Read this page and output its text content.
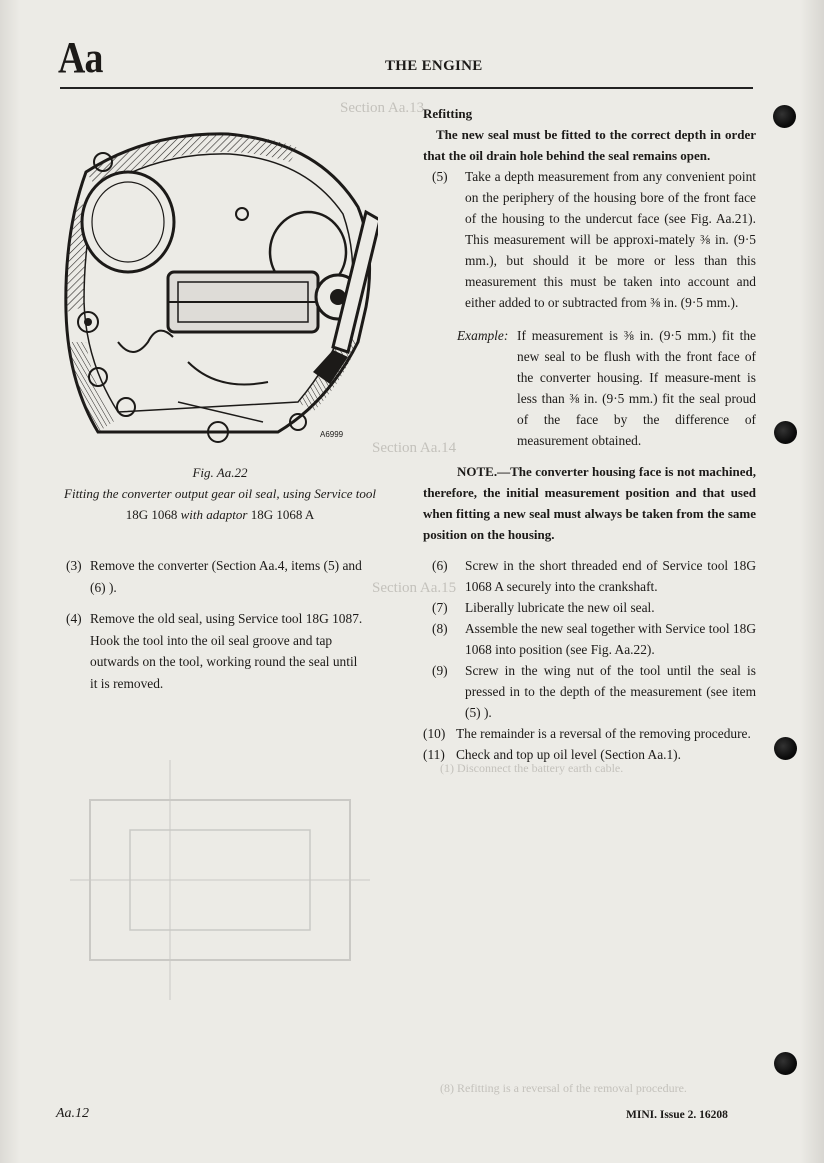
Aa	THE ENGINE
Section Aa.13
Section Aa.14
Section Aa.15
(1) Disconnect the battery earth cable.
(8) Refitting is a reversal of the removal procedure.
A6999
Fig. Aa.22
Fitting the converter output gear oil seal, using Service tool 18G 1068 with adaptor 18G 1068 A
(3) Remove the converter (Section Aa.4, items (5) and (6) ).
(4) Remove the old seal, using Service tool 18G 1087. Hook the tool into the oil seal groove and tap outwards on the tool, working round the seal until it is removed.
Refitting
The new seal must be fitted to the correct depth in order that the oil drain hole behind the seal remains open.
(5)	Take a depth measurement from any convenient point on the periphery of the housing bore of the front face of the housing to the undercut face (see Fig. Aa.21). This measurement will be approxi-mately ⅜ in. (9·5 mm.), but should it be more or less than this measurement this must be taken into account and either added to or subtracted from ⅜ in. (9·5 mm.).
Example: If measurement is ⅜ in. (9·5 mm.) fit the new seal to be flush with the front face of the converter housing. If measure-ment is less than ⅜ in. (9·5 mm.) fit the seal proud of the face by the difference of measurement obtained.
NOTE.—The converter housing face is not machined, therefore, the initial measurement position and that used when fitting a new seal must always be taken from the same position on the housing.
(6)	Screw in the short threaded end of Service tool 18G 1068 A securely into the crankshaft.
(7)	Liberally lubricate the new oil seal.
(8)	Assemble the new seal together with Service tool 18G 1068 into position (see Fig. Aa.22).
(9)	Screw in the wing nut of the tool until the seal is pressed in to the depth of the measurement (see item (5) ).
(10) The remainder is a reversal of the removing procedure.
(11) Check and top up oil level (Section Aa.1).
Aa.12	MINI. Issue 2. 16208
